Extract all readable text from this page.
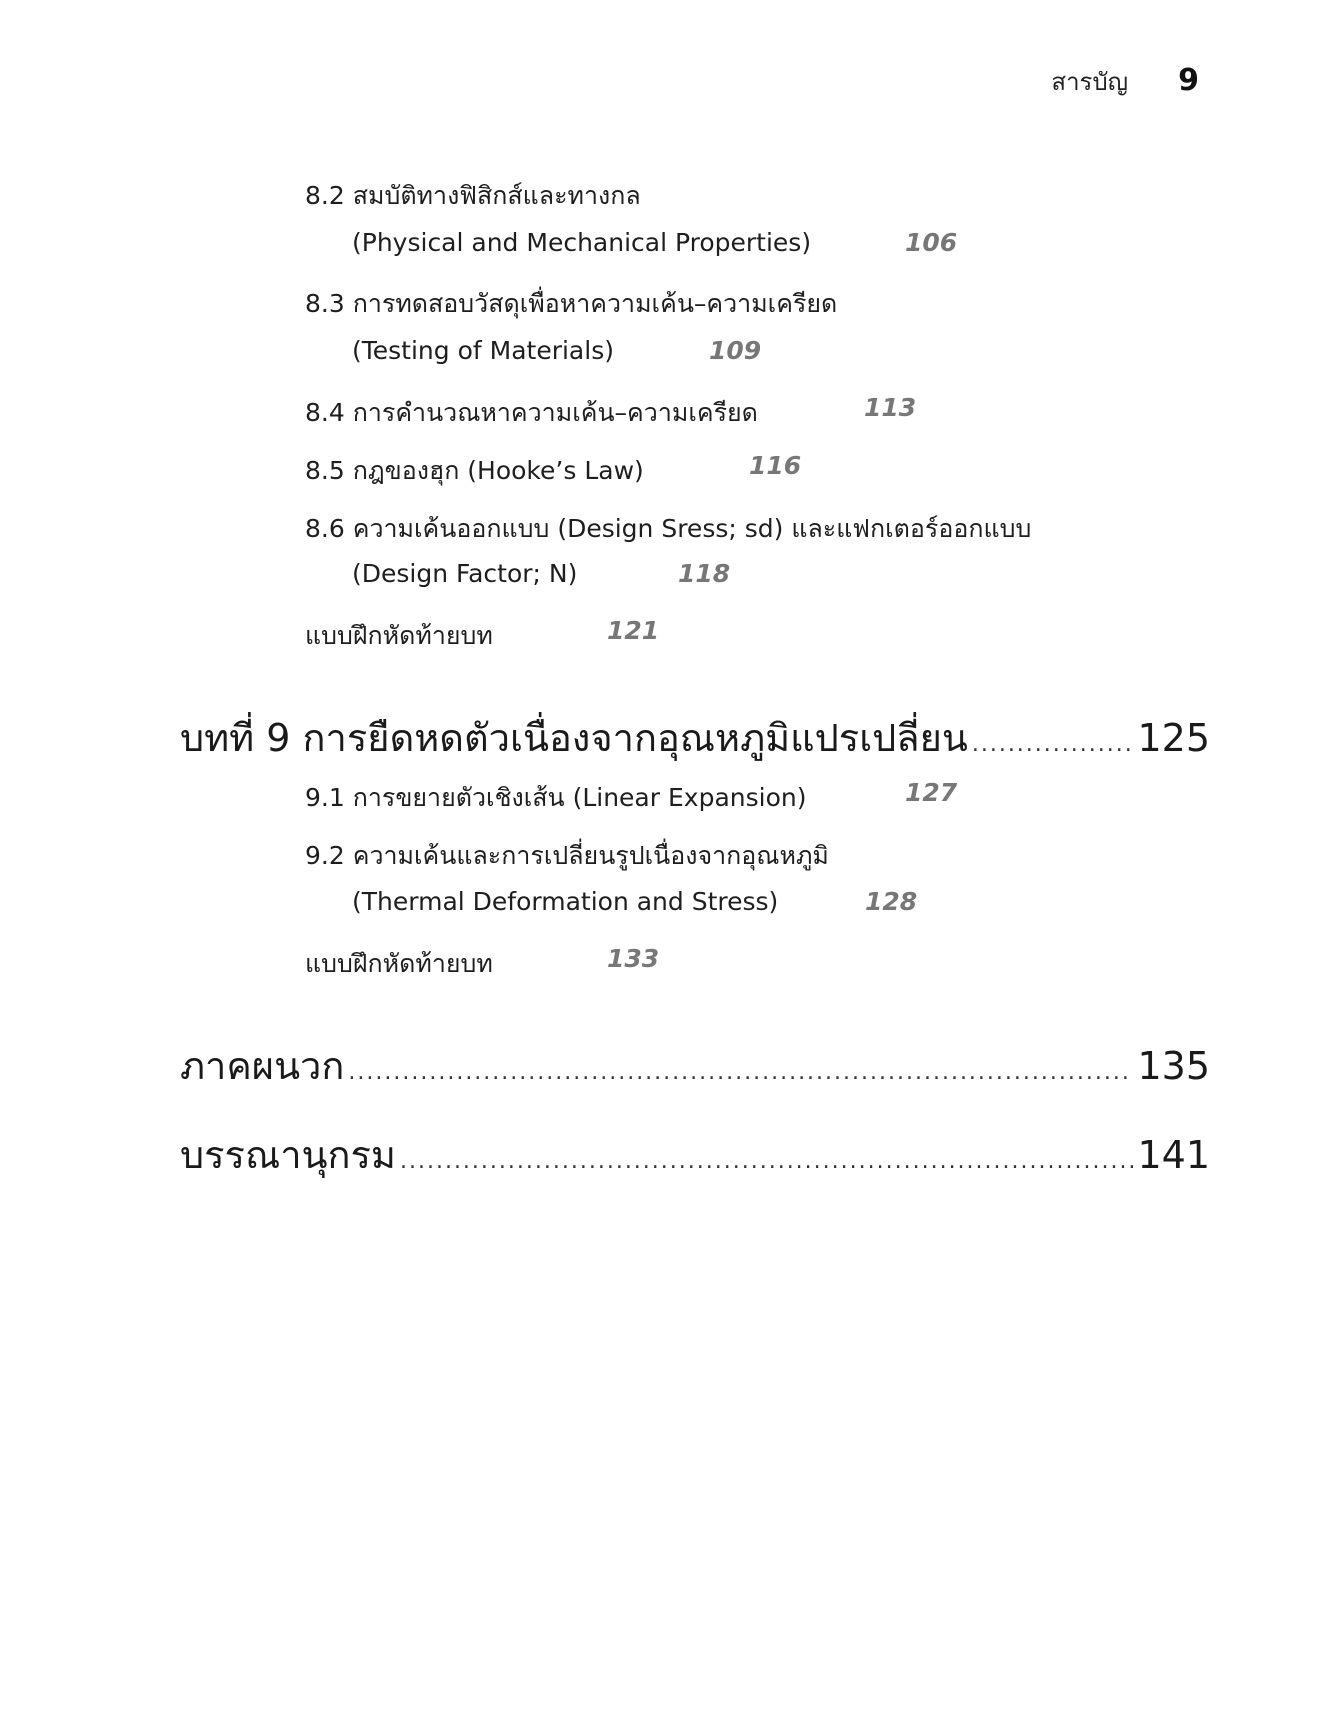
สารบัญ 9
8.2 สมบัติทางฟิสิกส์และทางกล
(Physical and Mechanical Properties)	106
8.3 การทดสอบวัสดุเพื่อหาความเค้น–ความเครียด
(Testing of Materials)	109
8.4 การคำนวณหาความเค้น–ความเครียด	113
8.5 กฎของฮุก (Hooke’s Law)	116
8.6 ความเค้นออกแบบ (Design Sress; sd) และแฟกเตอร์ออกแบบ
(Design Factor; N)	118
แบบฝึกหัดท้ายบท	121
บทที่ 9 การยืดหดตัวเนื่องจากอุณหภูมิแปรเปลี่ยน .....	125
9.1 การขยายตัวเชิงเส้น (Linear Expansion)	127
9.2 ความเค้นและการเปลี่ยนรูปเนื่องจากอุณหภูมิ
(Thermal Deformation and Stress)	128
แบบฝึกหัดท้ายบท	133
ภาคผนวก .....	135
บรรณานุกรม .....	141
